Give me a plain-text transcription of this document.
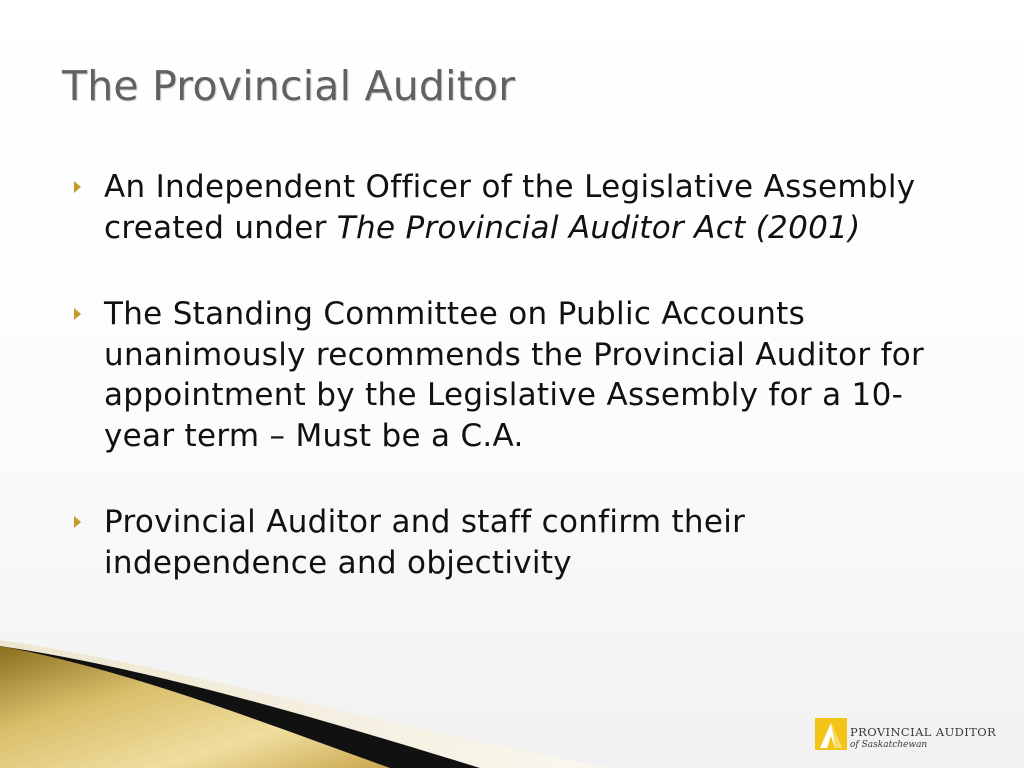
The Provincial Auditor
An Independent Officer of the Legislative Assembly created under The Provincial Auditor Act (2001)
The Standing Committee on Public Accounts unanimously recommends the Provincial Auditor for appointment by the Legislative Assembly for a 10-year term – Must be a C.A.
Provincial Auditor and staff confirm their independence and objectivity
PROVINCIAL AUDITOR
of Saskatchewan
